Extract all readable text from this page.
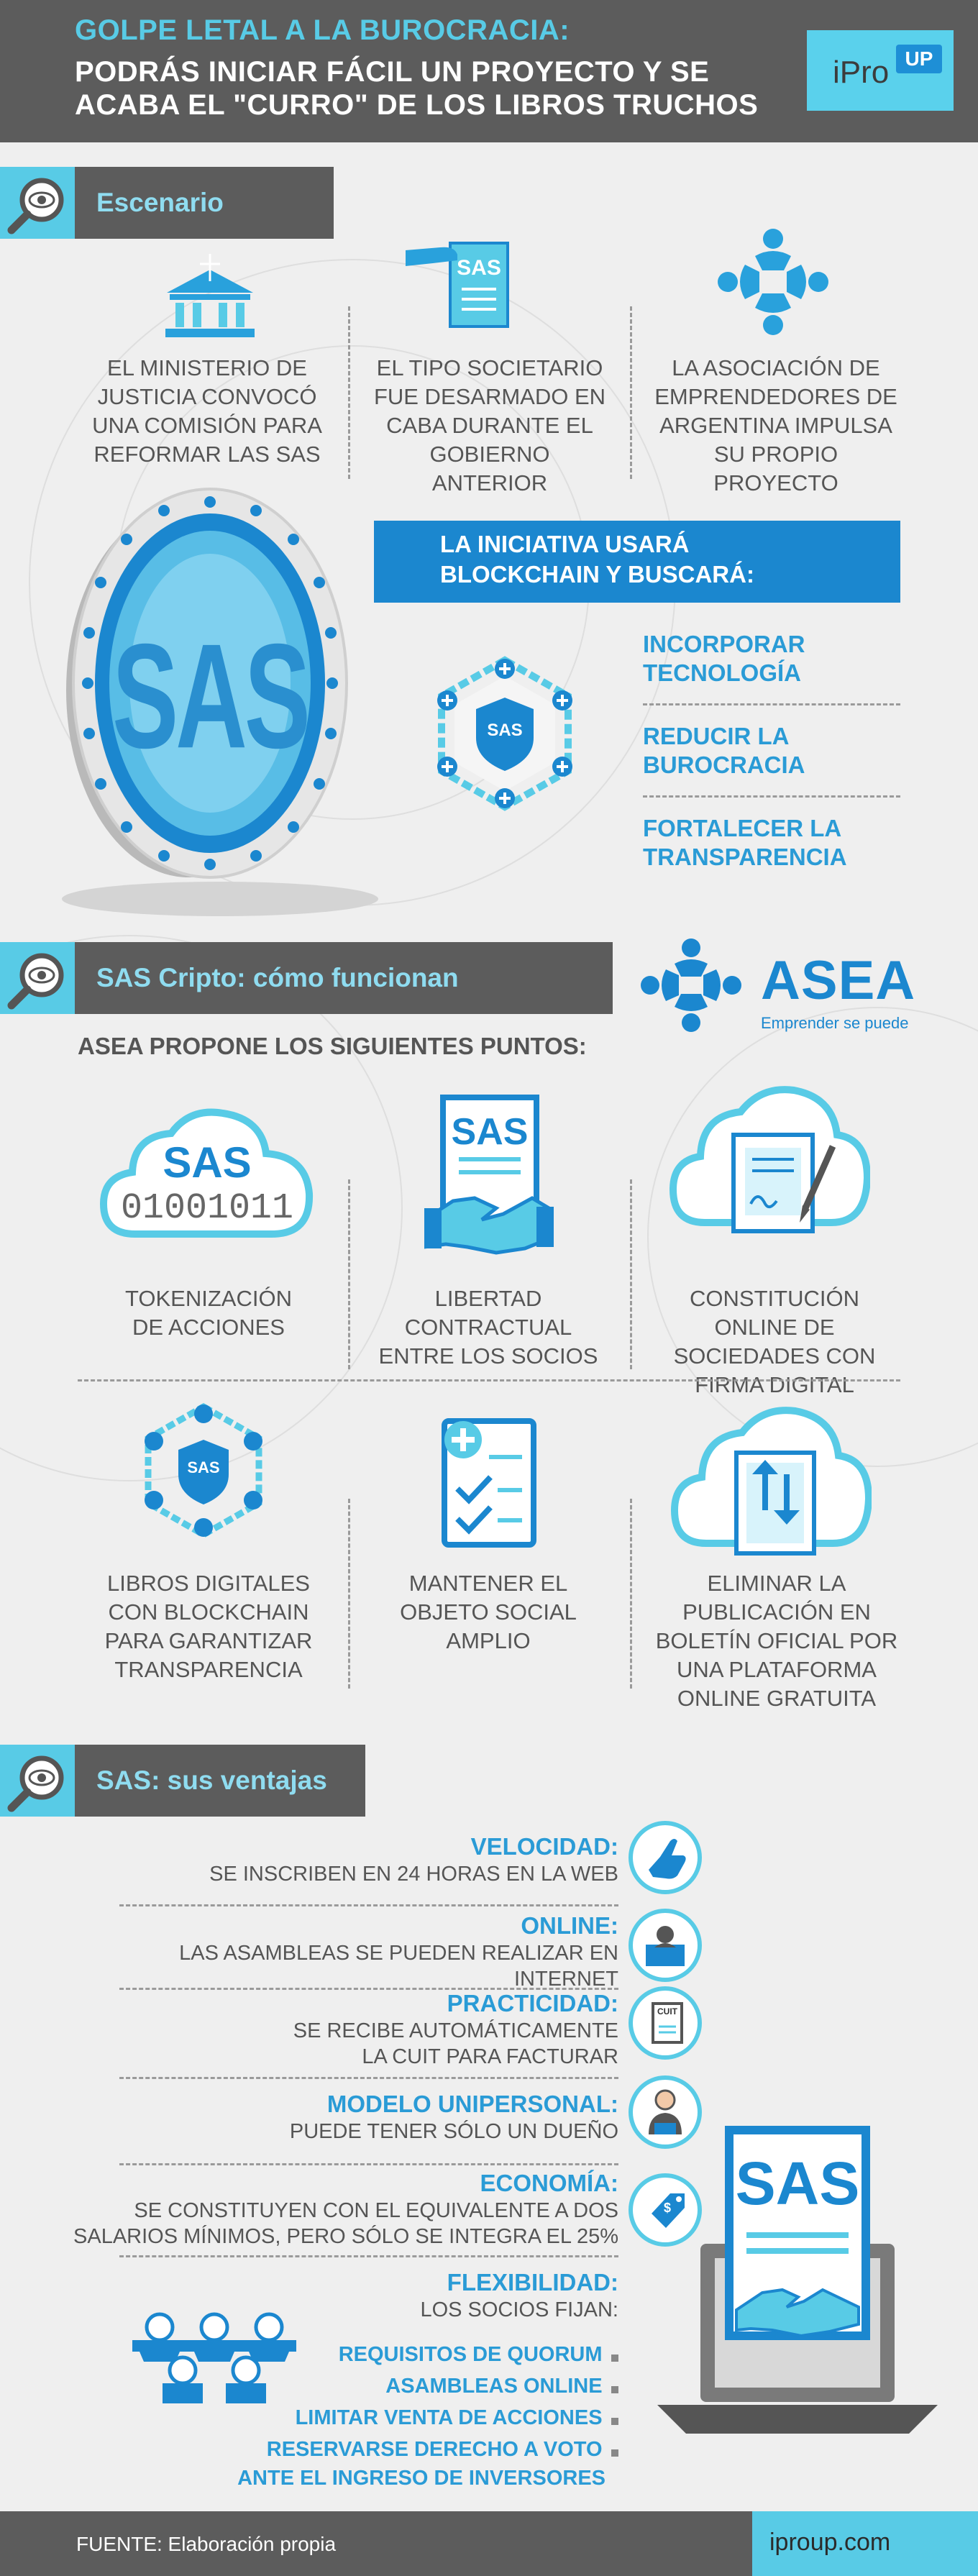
GOLPE LETAL A LA BUROCRACIA:
PODRÁS INICIAR FÁCIL UN PROYECTO Y SE
ACABA EL "CURRO" DE LOS LIBROS TRUCHOS
iPro UP
Escenario
SAS
EL MINISTERIO DE JUSTICIA CONVOCÓ UNA COMISIÓN PARA REFORMAR LAS SAS
EL TIPO SOCIETARIO FUE DESARMADO EN CABA DURANTE EL GOBIERNO ANTERIOR
LA ASOCIACIÓN DE EMPRENDEDORES DE ARGENTINA IMPULSA SU PROPIO PROYECTO
SAS
LA INICIATIVA USARÁ
BLOCKCHAIN Y BUSCARÁ:
SAS
INCORPORAR
TECNOLOGÍA
REDUCIR LA
BUROCRACIA
FORTALECER LA
TRANSPARENCIA
SAS Cripto: cómo funcionan	ASEA
Emprender se puede
ASEA PROPONE LOS SIGUIENTES PUNTOS:
SAS
01001011
SAS
TOKENIZACIÓN DE ACCIONES
LIBERTAD CONTRACTUAL ENTRE LOS SOCIOS
CONSTITUCIÓN ONLINE DE SOCIEDADES CON FIRMA DIGITAL
SAS
LIBROS DIGITALES CON BLOCKCHAIN PARA GARANTIZAR TRANSPARENCIA
MANTENER EL OBJETO SOCIAL AMPLIO
ELIMINAR LA PUBLICACIÓN EN BOLETÍN OFICIAL POR UNA PLATAFORMA ONLINE GRATUITA
SAS: sus ventajas
VELOCIDAD:
SE INSCRIBEN EN 24 HORAS EN LA WEB
ONLINE:
LAS ASAMBLEAS SE PUEDEN REALIZAR EN INTERNET
PRACTICIDAD:
SE RECIBE AUTOMÁTICAMENTE
LA CUIT PARA FACTURAR
CUIT
MODELO UNIPERSONAL:
PUEDE TENER SÓLO UN DUEÑO
ECONOMÍA:
SE CONSTITUYEN CON EL EQUIVALENTE A DOS
SALARIOS MÍNIMOS, PERO SÓLO SE INTEGRA EL 25%
$
FLEXIBILIDAD:
LOS SOCIOS FIJAN:
REQUISITOS DE QUORUM
ASAMBLEAS ONLINE
LIMITAR VENTA DE ACCIONES
RESERVARSE DERECHO A VOTO
ANTE EL INGRESO DE INVERSORES
SAS
FUENTE: Elaboración propia	iproup.com
